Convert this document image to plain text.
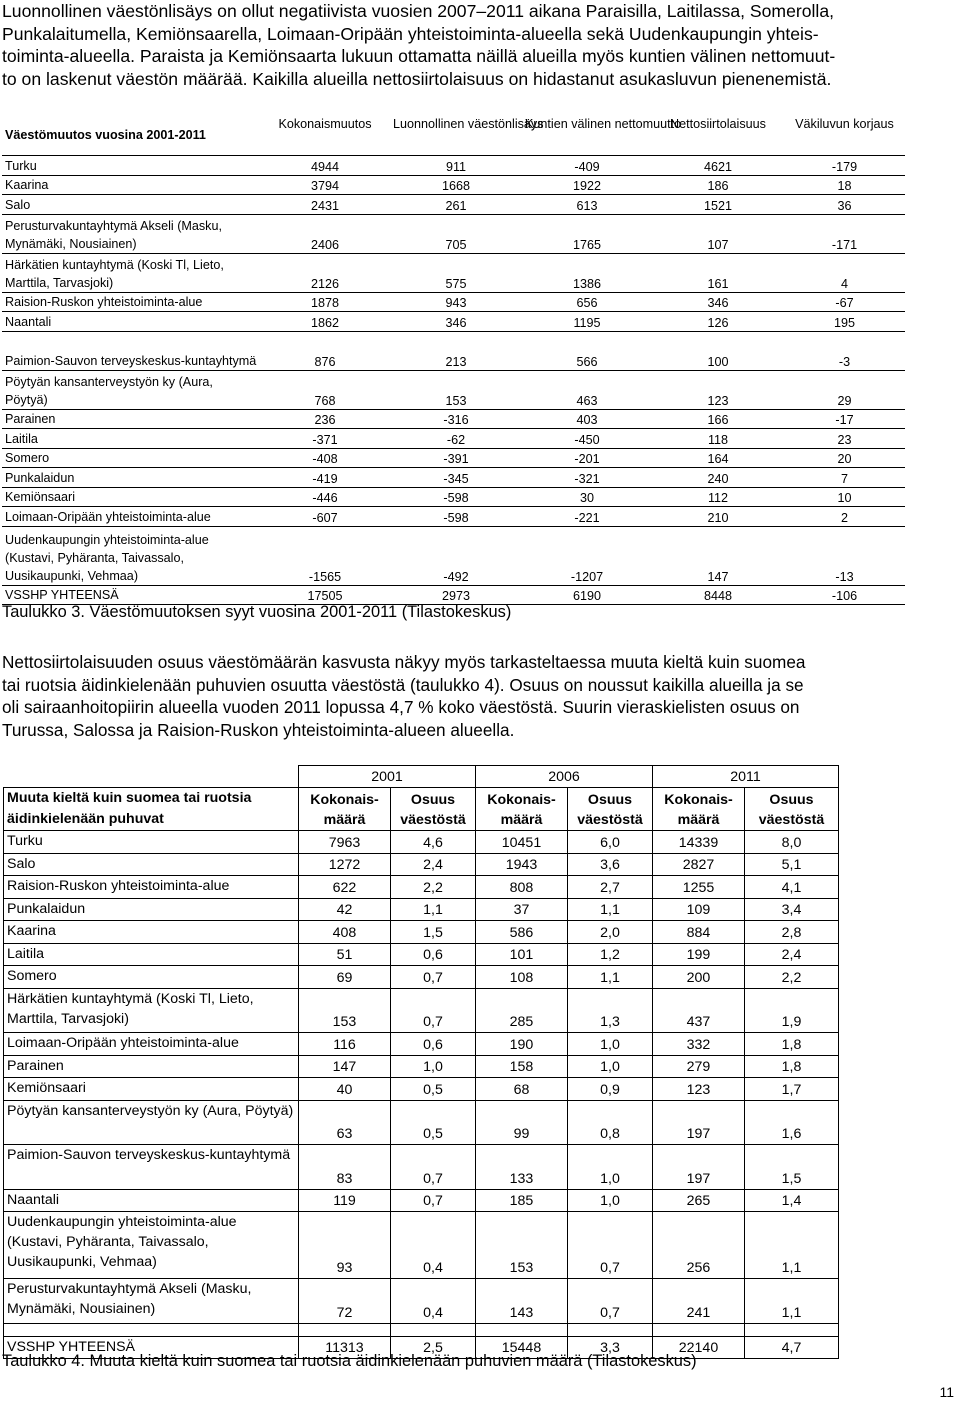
Luonnollinen väestönlisäys on ollut negatiivista vuosien 2007–2011 aikana Paraisilla, Laitilassa, Somerolla,
Punkalaitumella, Kemiönsaarella, Loimaan-Oripään yhteistoiminta-alueella sekä Uudenkaupungin yhteis-
toiminta-alueella. Paraista ja Kemiönsaarta lukuun ottamatta näillä alueilla myös kuntien välinen nettomuut-
to on laskenut väestön määrää. Kaikilla alueilla nettosiirtolaisuus on hidastanut asukasluvun pienenemistä.
Väestömuutos vuosina 2001-2011	Kokonaismuutos	Luonnollinen väestönlisäys	Kuntien välinen nettomuutto	Nettosiirtolaisuus	Väkiluvun korjaus
Turku	4944	911	-409	4621	-179
Kaarina	3794	1668	1922	186	18
Salo	2431	261	613	1521	36
Perusturvakuntayhtymä Akseli (Masku, Mynämäki, Nousiainen)	2406	705	1765	107	-171
Härkätien kuntayhtymä (Koski Tl, Lieto, Marttila, Tarvasjoki)	2126	575	1386	161	4
Raision-Ruskon yhteistoiminta-alue	1878	943	656	346	-67
Naantali	1862	346	1195	126	195
Paimion-Sauvon terveyskeskus-kuntayhtymä	876	213	566	100	-3
Pöytyän kansanterveystyön ky (Aura, Pöytyä)	768	153	463	123	29
Parainen	236	-316	403	166	-17
Laitila	-371	-62	-450	118	23
Somero	-408	-391	-201	164	20
Punkalaidun	-419	-345	-321	240	7
Kemiönsaari	-446	-598	30	112	10
Loimaan-Oripään yhteistoiminta-alue	-607	-598	-221	210	2
Uudenkaupungin yhteistoiminta-alue (Kustavi, Pyhäranta, Taivassalo, Uusikaupunki, Vehmaa)	-1565	-492	-1207	147	-13
VSSHP YHTEENSÄ	17505	2973	6190	8448	-106
Taulukko 3. Väestömuutoksen syyt vuosina 2001-2011 (Tilastokeskus)
Nettosiirtolaisuuden osuus väestömäärän kasvusta näkyy myös tarkasteltaessa muuta kieltä kuin suomea
tai ruotsia äidinkielenään puhuvien osuutta väestöstä (taulukko 4). Osuus on noussut kaikilla alueilla ja se
oli sairaanhoitopiirin alueella vuoden 2011 lopussa 4,7 % koko väestöstä. Suurin vieraskielisten osuus on
Turussa, Salossa ja Raision-Ruskon yhteistoiminta-alueen alueella.
	2001		2006		2011	
Muuta kieltä kuin suomea tai ruotsia äidinkielenään puhuvat	Kokonais-määrä	Osuus väestöstä	Kokonais-määrä	Osuus väestöstä	Kokonais-määrä	Osuus väestöstä
Turku	7963	4,6	10451	6,0	14339	8,0
Salo	1272	2,4	1943	3,6	2827	5,1
Raision-Ruskon yhteistoiminta-alue	622	2,2	808	2,7	1255	4,1
Punkalaidun	42	1,1	37	1,1	109	3,4
Kaarina	408	1,5	586	2,0	884	2,8
Laitila	51	0,6	101	1,2	199	2,4
Somero	69	0,7	108	1,1	200	2,2
Härkätien kuntayhtymä (Koski Tl, Lieto, Marttila, Tarvasjoki)	153	0,7	285	1,3	437	1,9
Loimaan-Oripään yhteistoiminta-alue	116	0,6	190	1,0	332	1,8
Parainen	147	1,0	158	1,0	279	1,8
Kemiönsaari	40	0,5	68	0,9	123	1,7
Pöytyän kansanterveystyön ky (Aura, Pöytyä)	63	0,5	99	0,8	197	1,6
Paimion-Sauvon terveyskeskus-kuntayhtymä	83	0,7	133	1,0	197	1,5
Naantali	119	0,7	185	1,0	265	1,4
Uudenkaupungin yhteistoiminta-alue (Kustavi, Pyhäranta, Taivassalo, Uusikaupunki, Vehmaa)	93	0,4	153	0,7	256	1,1
Perusturvakuntayhtymä Akseli (Masku, Mynämäki, Nousiainen)	72	0,4	143	0,7	241	1,1

VSSHP YHTEENSÄ	11313	2,5	15448	3,3	22140	4,7
Taulukko 4. Muuta kieltä kuin suomea tai ruotsia äidinkielenään puhuvien määrä (Tilastokeskus)
11
